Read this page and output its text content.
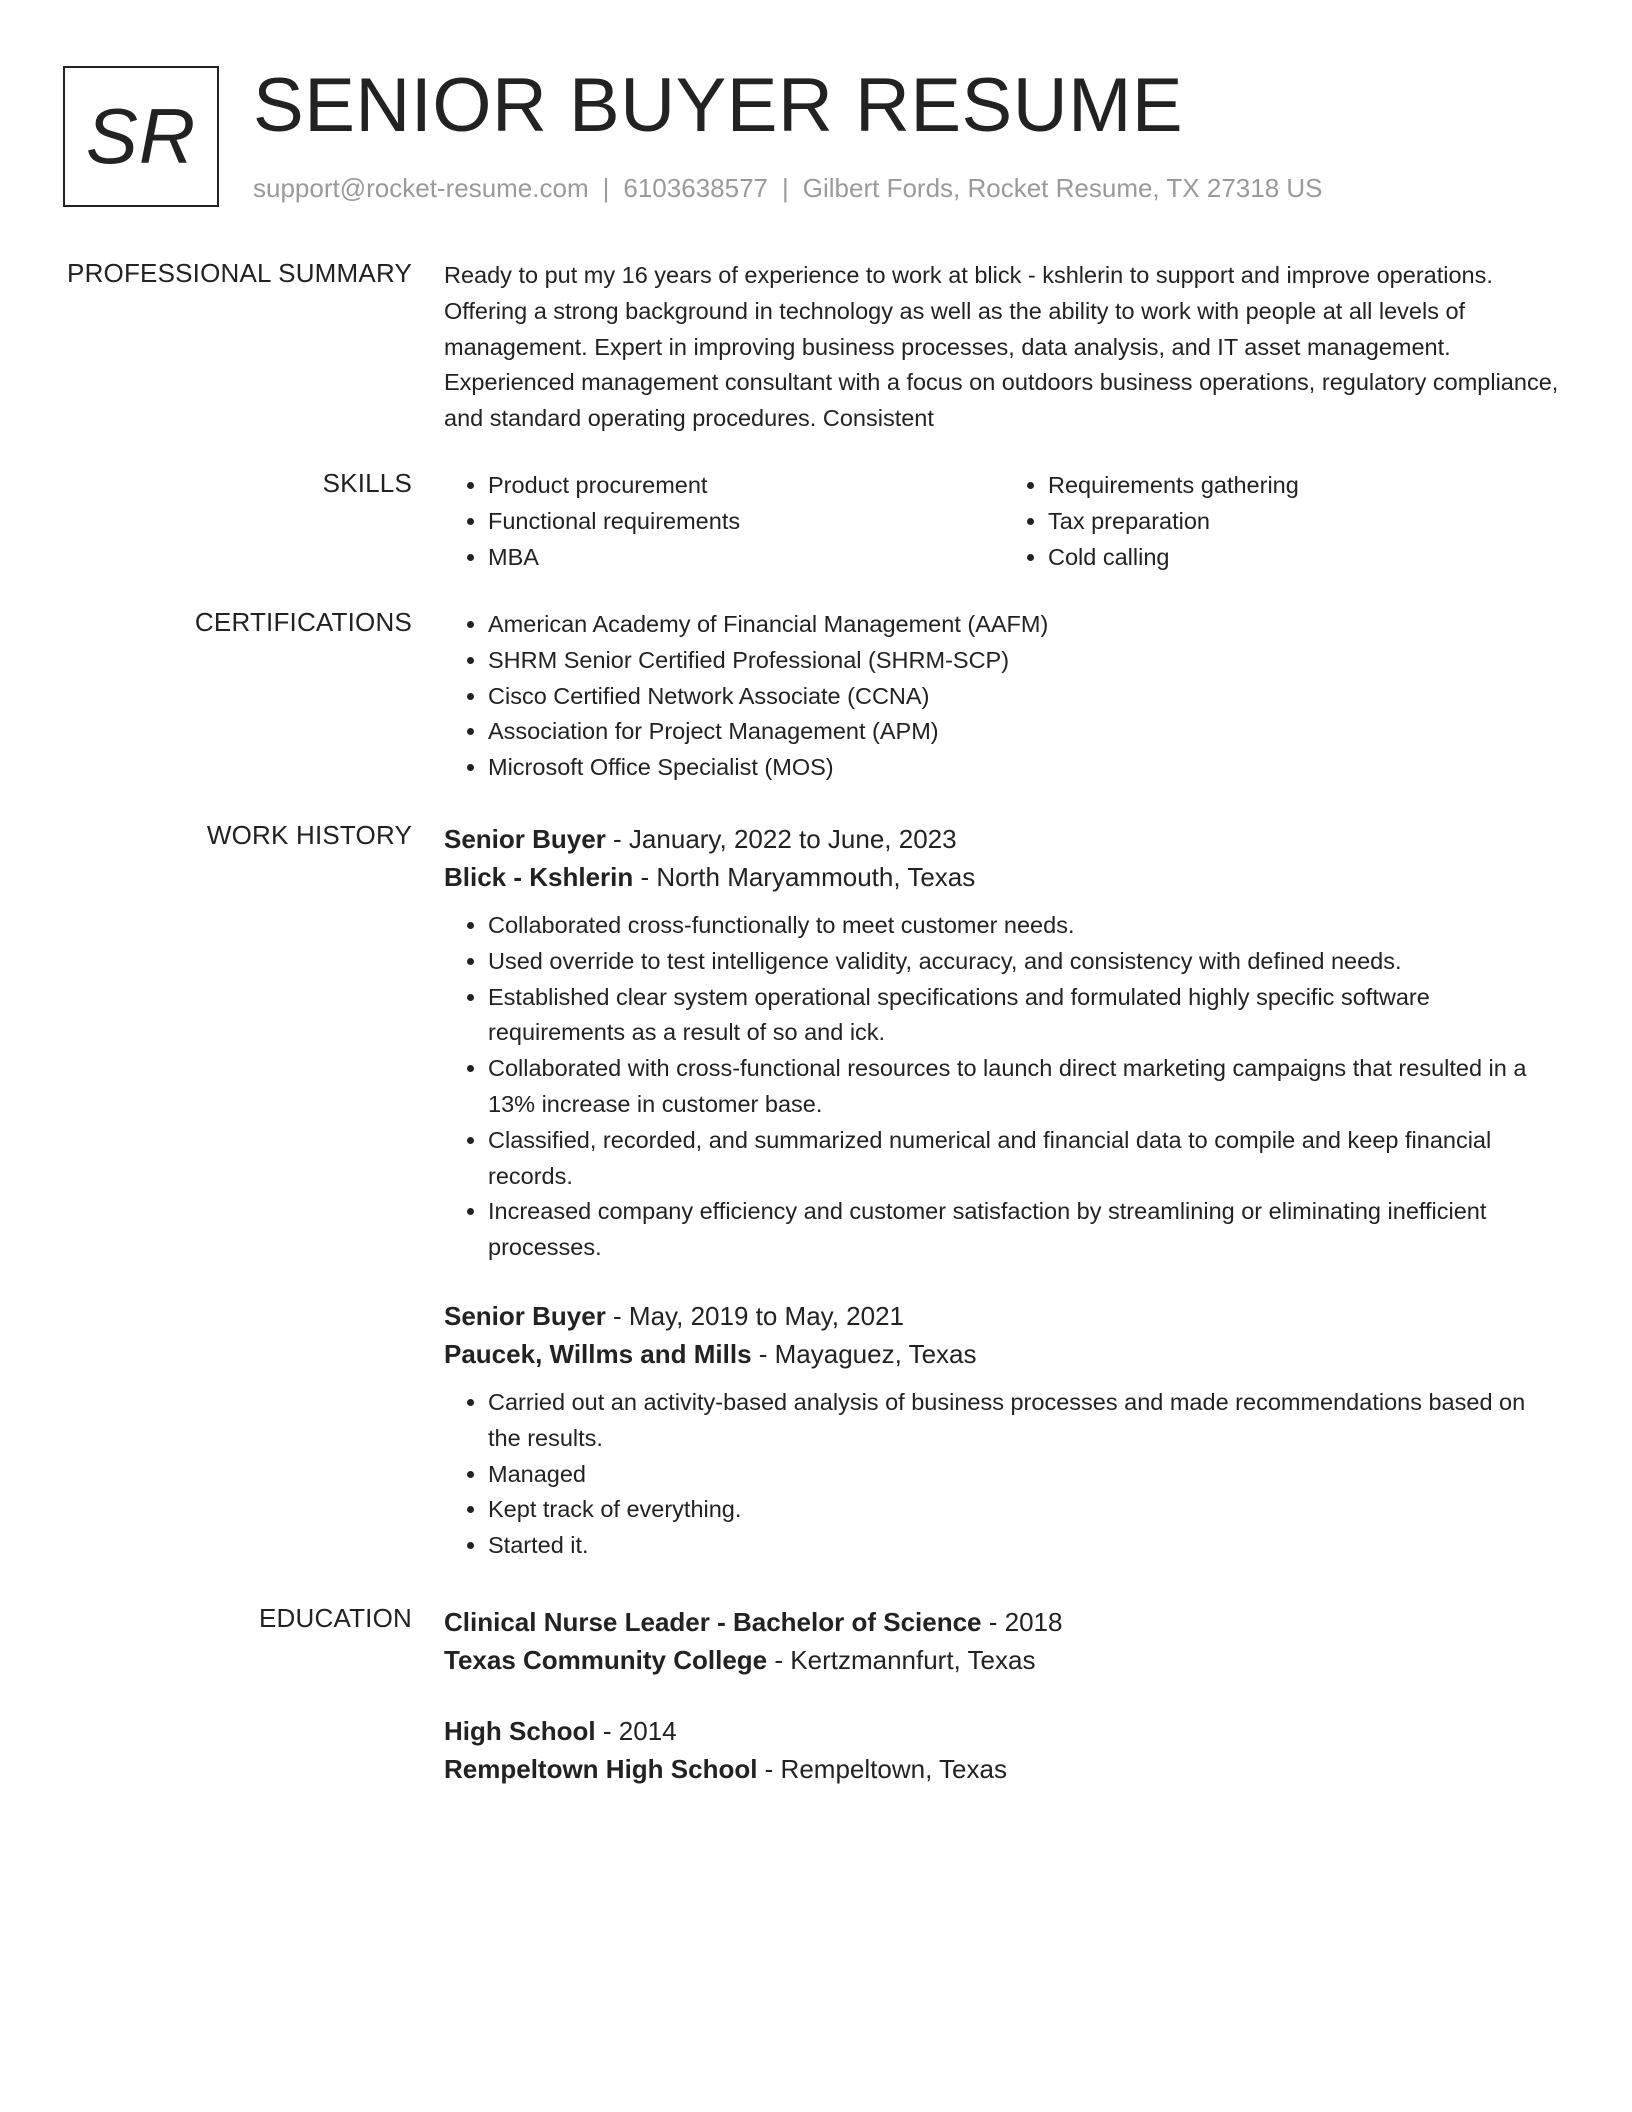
SR SENIOR BUYER RESUME
support@rocket-resume.com | 6103638577 | Gilbert Fords, Rocket Resume, TX 27318 US
PROFESSIONAL SUMMARY Ready to put my 16 years of experience to work at blick - kshlerin to support and improve operations. Offering a strong background in technology as well as the ability to work with people at all levels of management. Expert in improving business processes, data analysis, and IT asset management. Experienced management consultant with a focus on outdoors business operations, regulatory compliance, and standard operating procedures. Consistent
SKILLS	• Product procurement
• Functional requirements
• MBA
• Requirements gathering
• Tax preparation
• Cold calling
CERTIFICATIONS	• American Academy of Financial Management (AAFM)
• SHRM Senior Certified Professional (SHRM-SCP)
• Cisco Certified Network Associate (CCNA)
• Association for Project Management (APM)
• Microsoft Office Specialist (MOS)
WORK HISTORY Senior Buyer - January, 2022 to June, 2023
Blick - Kshlerin - North Maryammouth, Texas
• Collaborated cross-functionally to meet customer needs.
• Used override to test intelligence validity, accuracy, and consistency with defined needs.
• Established clear system operational specifications and formulated highly specific software requirements as a result of so and ick.
• Collaborated with cross-functional resources to launch direct marketing campaigns that resulted in a 13% increase in customer base.
• Classified, recorded, and summarized numerical and financial data to compile and keep financial records.
• Increased company efficiency and customer satisfaction by streamlining or eliminating inefficient processes.
Senior Buyer - May, 2019 to May, 2021
Paucek, Willms and Mills - Mayaguez, Texas
• Carried out an activity-based analysis of business processes and made recommendations based on the results.
• Managed
• Kept track of everything.
• Started it.
EDUCATION Clinical Nurse Leader - Bachelor of Science - 2018
Texas Community College - Kertzmannfurt, Texas
High School - 2014
Rempeltown High School - Rempeltown, Texas
